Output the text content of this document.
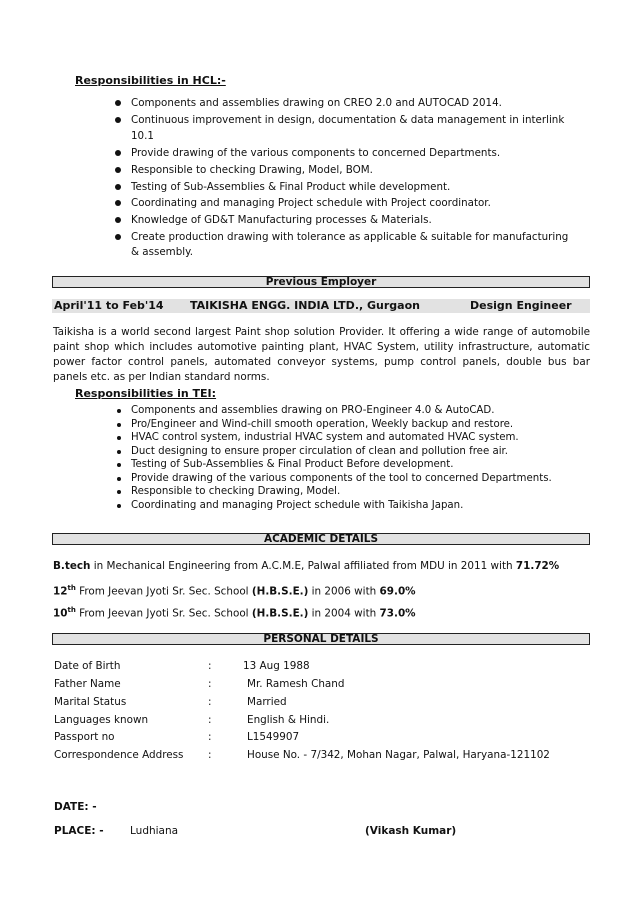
Responsibilities in HCL:-
Components and assemblies drawing on CREO 2.0 and AUTOCAD 2014.
Continuous improvement in design, documentation & data management in interlink 10.1
Provide drawing of the various components to concerned Departments.
Responsible to checking Drawing, Model, BOM.
Testing of Sub-Assemblies & Final Product while development.
Coordinating and managing Project schedule with Project coordinator.
Knowledge of GD&T Manufacturing processes & Materials.
Create production drawing with tolerance as applicable & suitable for manufacturing & assembly.
Previous Employer
April'11 to Feb'14 TAIKISHA ENGG. INDIA LTD., Gurgaon	Design Engineer
Taikisha is a world second largest Paint shop solution Provider. It offering a wide range of automobile paint shop which includes automotive painting plant, HVAC System, utility infrastructure, automatic power factor control panels, automated conveyor systems, pump control panels, double bus bar panels etc. as per Indian standard norms.
Responsibilities in TEI:
Components and assemblies drawing on PRO-Engineer 4.0 & AutoCAD.
Pro/Engineer and Wind-chill smooth operation, Weekly backup and restore.
HVAC control system, industrial HVAC system and automated HVAC system.
Duct designing to ensure proper circulation of clean and pollution free air.
Testing of Sub-Assemblies & Final Product Before development.
Provide drawing of the various components of the tool to concerned Departments.
Responsible to checking Drawing, Model.
Coordinating and managing Project schedule with Taikisha Japan.
ACADEMIC DETAILS
B.tech in Mechanical Engineering from A.C.M.E, Palwal affiliated from MDU in 2011 with 71.72%
12th From Jeevan Jyoti Sr. Sec. School (H.B.S.E.) in 2006 with 69.0%
10th From Jeevan Jyoti Sr. Sec. School (H.B.S.E.) in 2004 with 73.0%
PERSONAL DETAILS
Date of Birth	:	13 Aug 1988
Father Name	:	Mr. Ramesh Chand
Marital Status	:	Married
Languages known	:	English & Hindi.
Passport no	:	L1549907
Correspondence Address :	House No. - 7/342, Mohan Nagar, Palwal, Haryana-121102
DATE: -
PLACE: -	Ludhiana	(Vikash Kumar)
